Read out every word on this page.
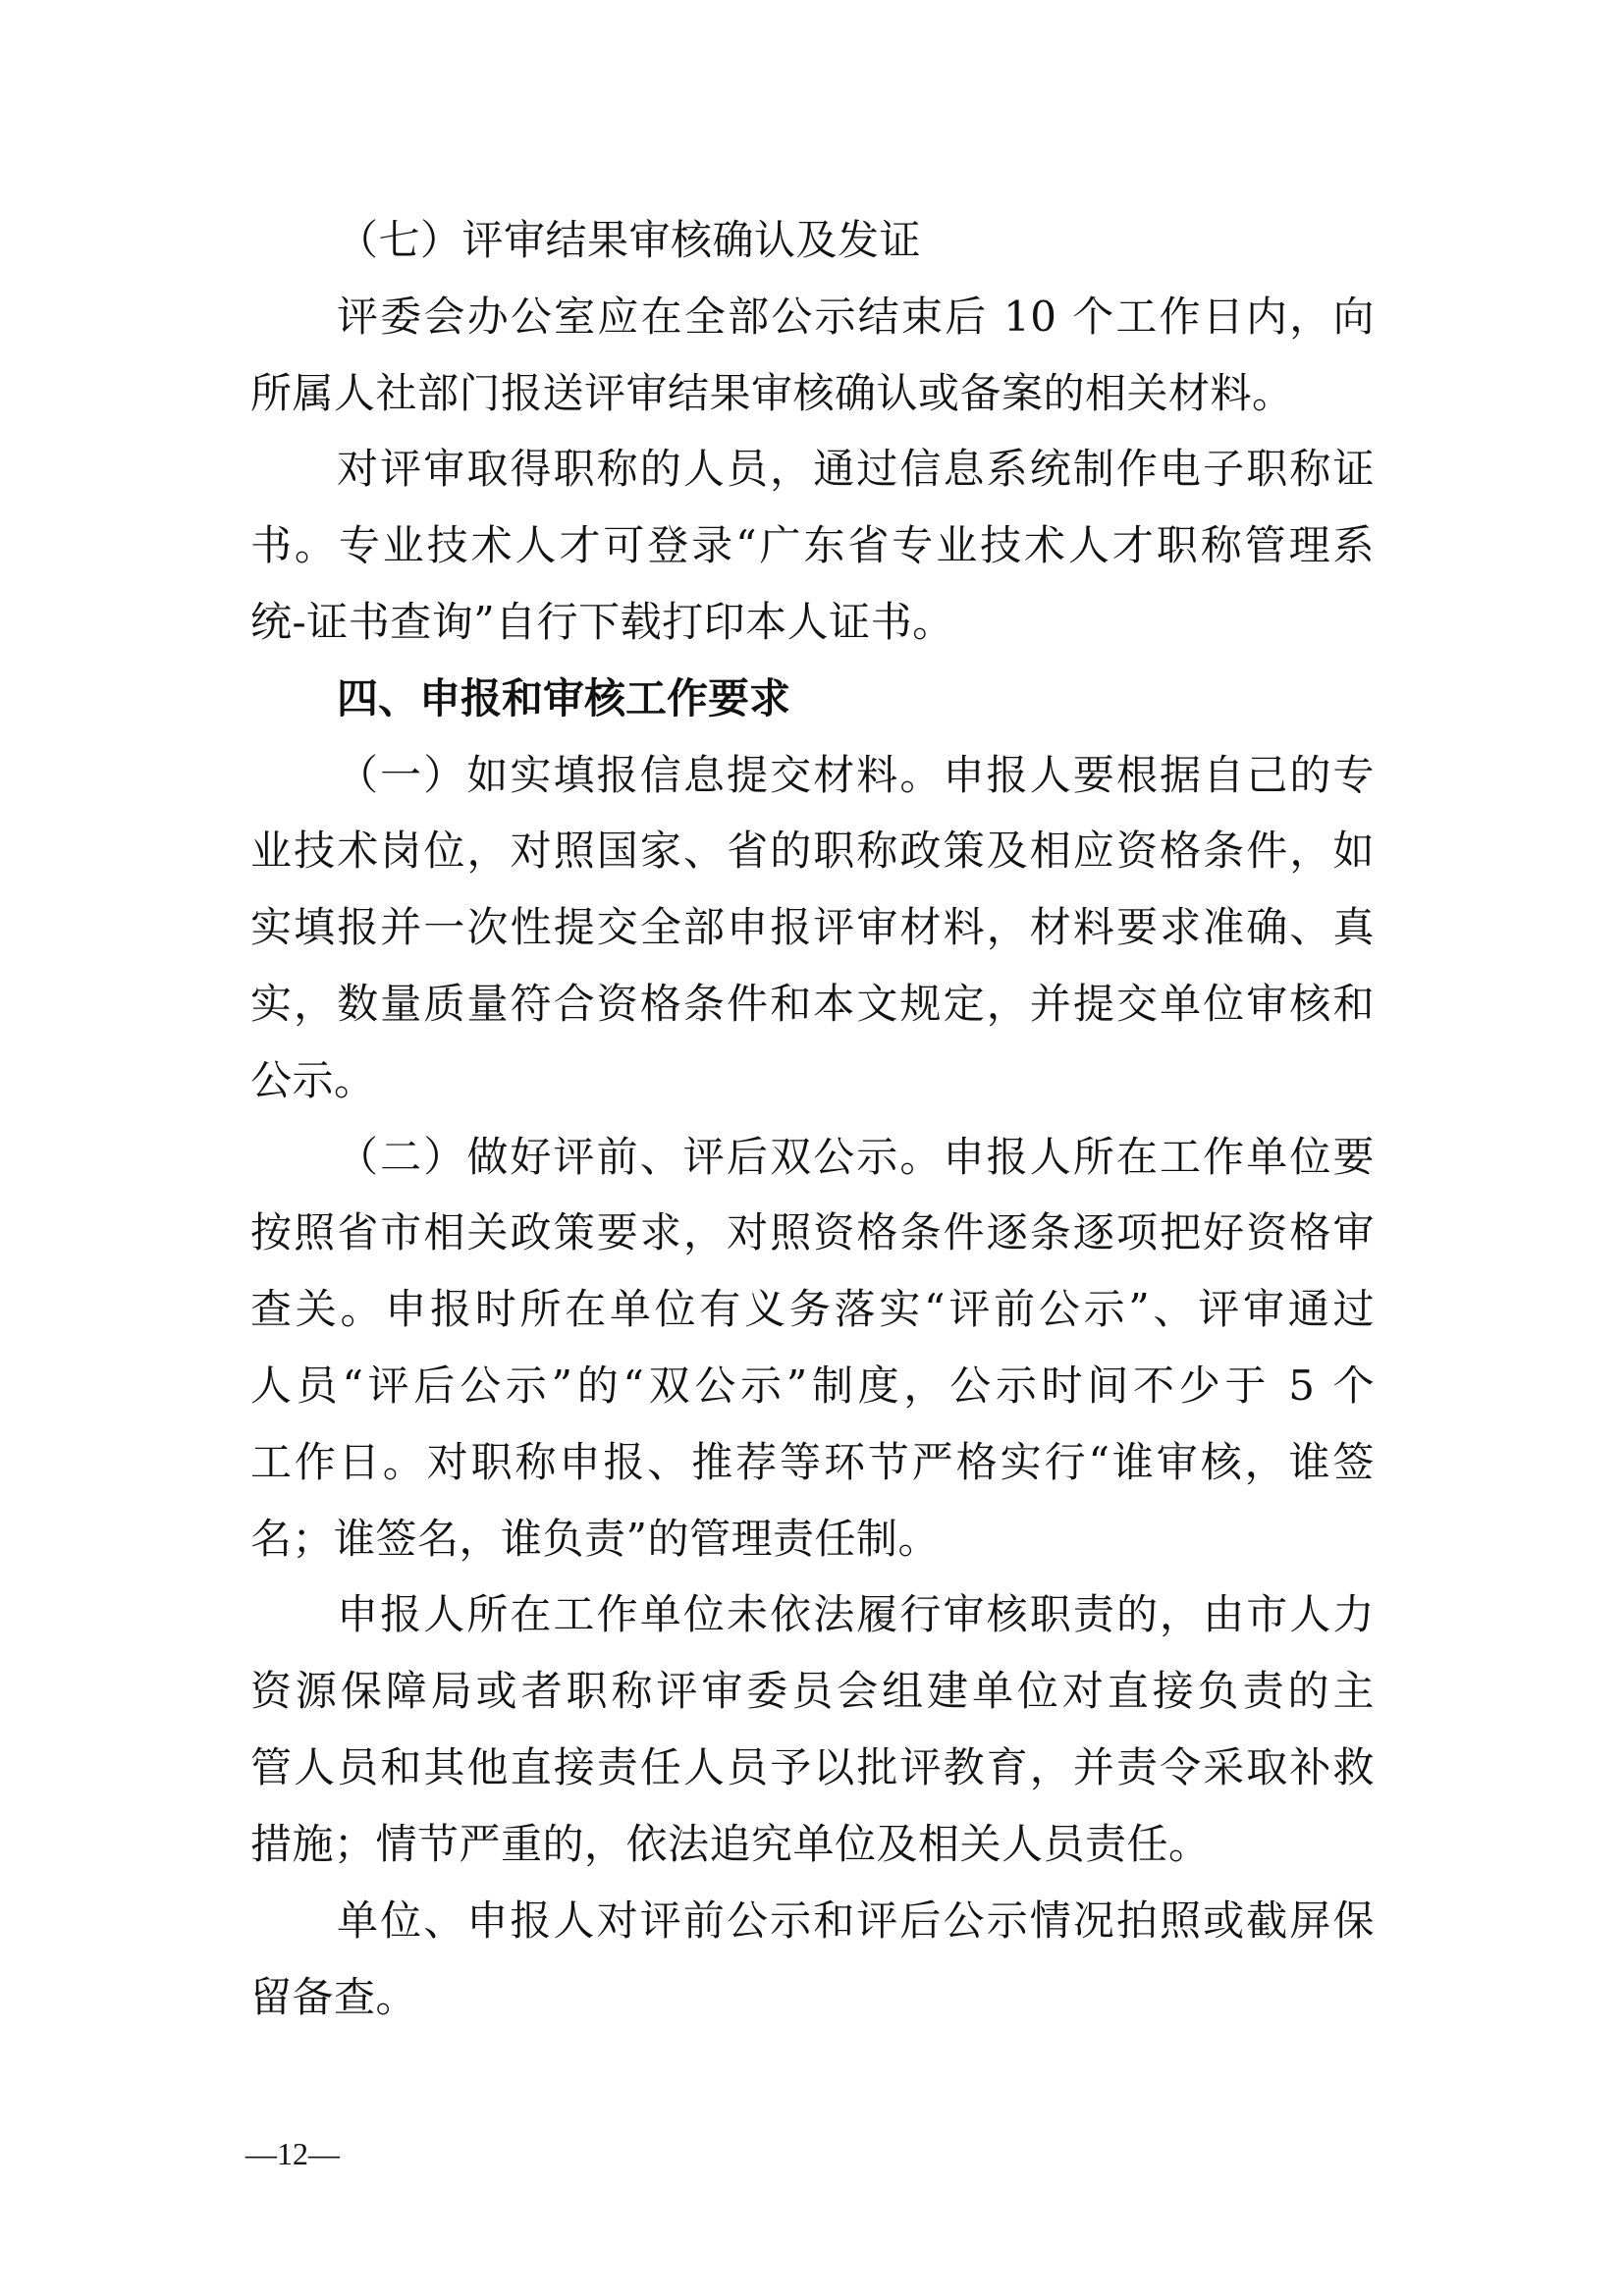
（七）评审结果审核确认及发证
评委会办公室应在全部公示结束后 10 个工作日内，向
所属人社部门报送评审结果审核确认或备案的相关材料。
对评审取得职称的人员，通过信息系统制作电子职称证
书。专业技术人才可登录“广东省专业技术人才职称管理系
统-证书查询”自行下载打印本人证书。
四、申报和审核工作要求
（一）如实填报信息提交材料。申报人要根据自己的专
业技术岗位，对照国家、省的职称政策及相应资格条件，如
实填报并一次性提交全部申报评审材料，材料要求准确、真
实，数量质量符合资格条件和本文规定，并提交单位审核和
公示。
（二）做好评前、评后双公示。申报人所在工作单位要
按照省市相关政策要求，对照资格条件逐条逐项把好资格审
查关。申报时所在单位有义务落实“评前公示”、评审通过
人员“评后公示”的“双公示”制度，公示时间不少于 5 个
工作日。对职称申报、推荐等环节严格实行“谁审核，谁签
名；谁签名，谁负责”的管理责任制。
申报人所在工作单位未依法履行审核职责的，由市人力
资源保障局或者职称评审委员会组建单位对直接负责的主
管人员和其他直接责任人员予以批评教育，并责令采取补救
措施；情节严重的，依法追究单位及相关人员责任。
单位、申报人对评前公示和评后公示情况拍照或截屏保
留备查。
—12—
